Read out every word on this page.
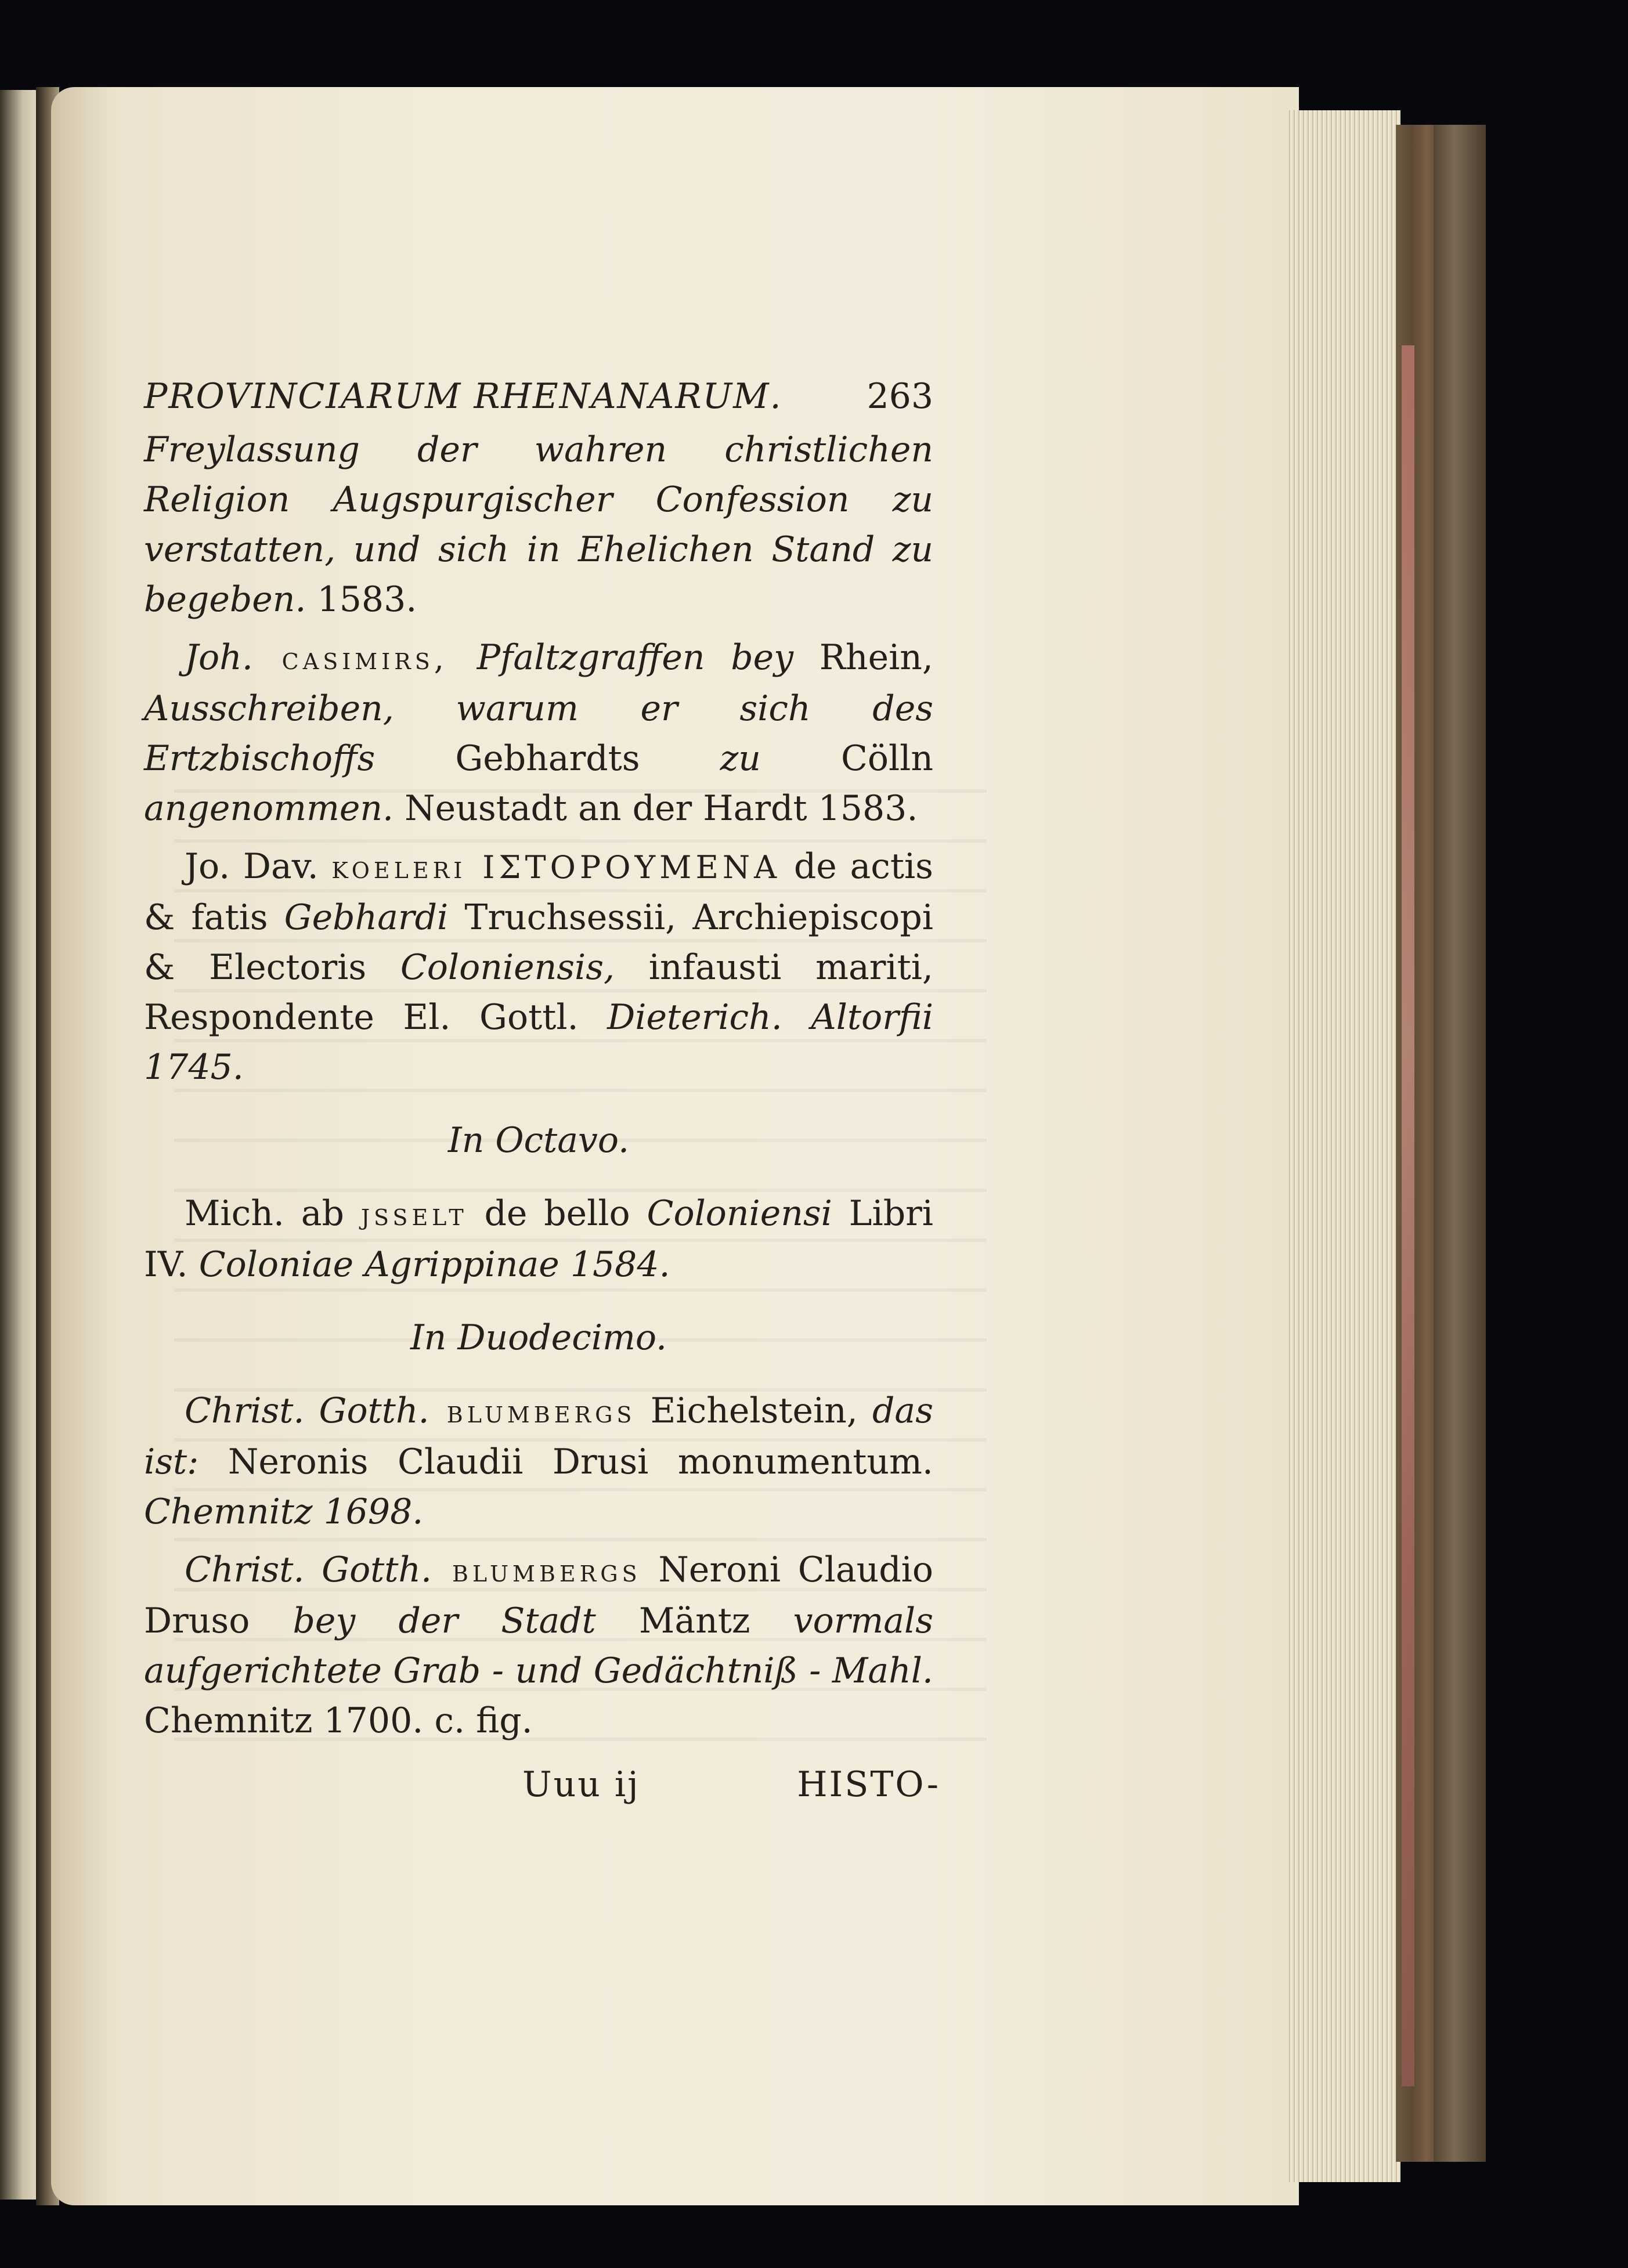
PROVINCIARUM RHENANARUM. 263

Freylassung der wahren christlichen Religion Augspurgischer Confession zu verstatten, und sich in Ehelichen Stand zu begeben. 1583.

Joh. casimirs, Pfaltzgraffen bey Rhein, Ausschreiben, warum er sich des Ertzbischoffs Gebhardts zu Cölln angenommen. Neustadt an der Hardt 1583.

Jo. Dav. koeleri ΙΣΤΟΡΟΥΜΕΝΑ de actis & fatis Gebhardi Truchsessii, Archiepiscopi & Electoris Coloniensis, infausti mariti, Respondente El. Gottl. Dieterich. Altorfii 1745.

In Octavo.

Mich. ab jsselt de bello Coloniensi Libri IV. Coloniae Agrippinae 1584.

In Duodecimo.

Christ. Gotth. blumbergs Eichelstein, das ist: Neronis Claudii Drusi monumentum. Chemnitz 1698.

Christ. Gotth. blumbergs Neroni Claudio Druso bey der Stadt Mäntz vormals aufgerichtete Grab - und Gedächtniß - Mahl. Chemnitz 1700. c. fig.

Uuu ij	HISTO-
